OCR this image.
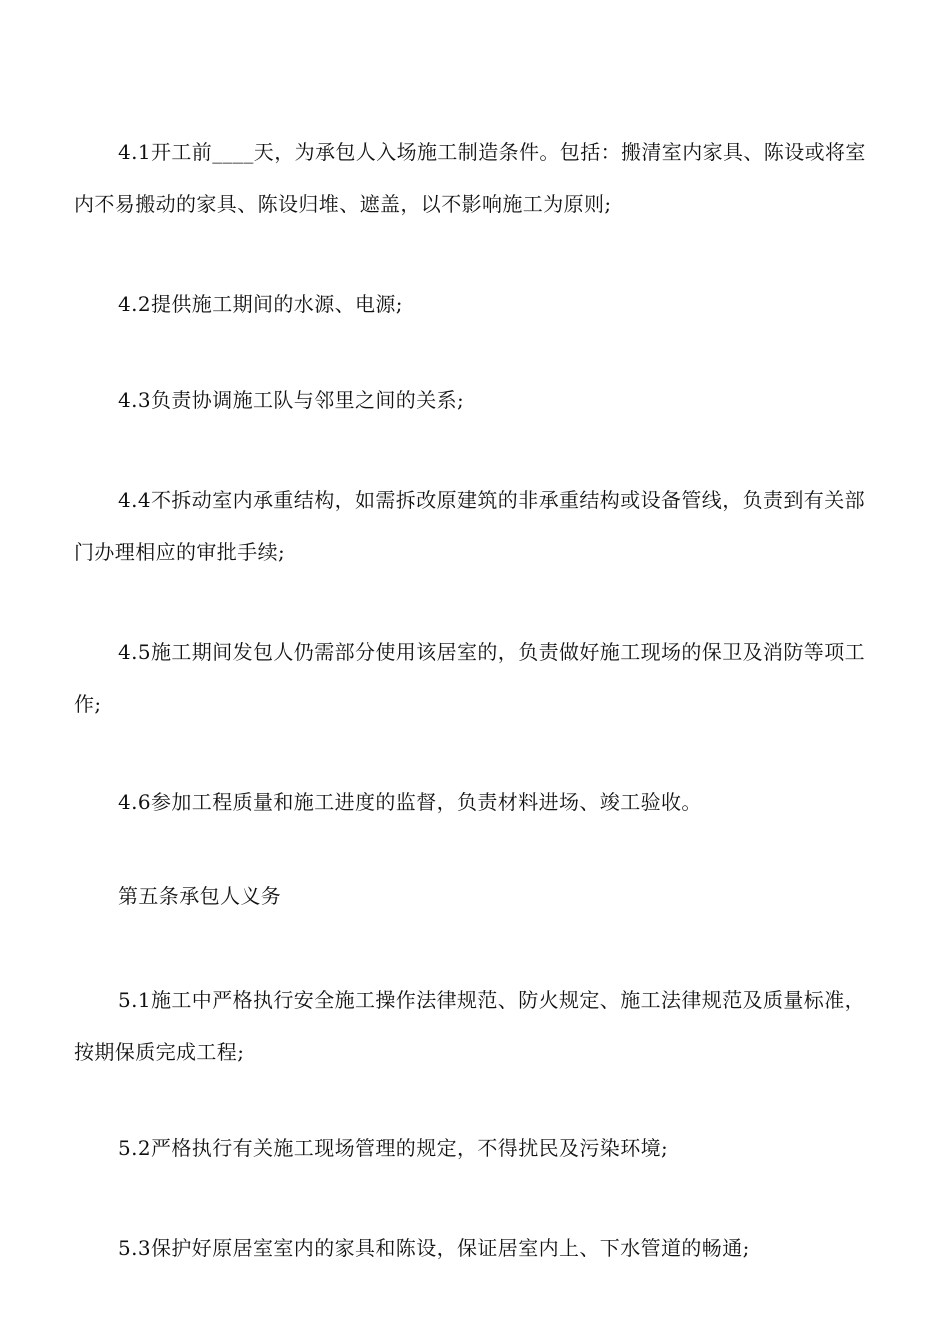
4.1开工前____天，为承包人入场施工制造条件。包括：搬清室内家具、陈设或将室内不易搬动的家具、陈设归堆、遮盖，以不影响施工为原则;

4.2提供施工期间的水源、电源;

4.3负责协调施工队与邻里之间的关系;

4.4不拆动室内承重结构，如需拆改原建筑的非承重结构或设备管线，负责到有关部门办理相应的审批手续;

4.5施工期间发包人仍需部分使用该居室的，负责做好施工现场的保卫及消防等项工作;

4.6参加工程质量和施工进度的监督，负责材料进场、竣工验收。

第五条承包人义务

5.1施工中严格执行安全施工操作法律规范、防火规定、施工法律规范及质量标准，按期保质完成工程;

5.2严格执行有关施工现场管理的规定，不得扰民及污染环境;

5.3保护好原居室室内的家具和陈设，保证居室内上、下水管道的畅通;
